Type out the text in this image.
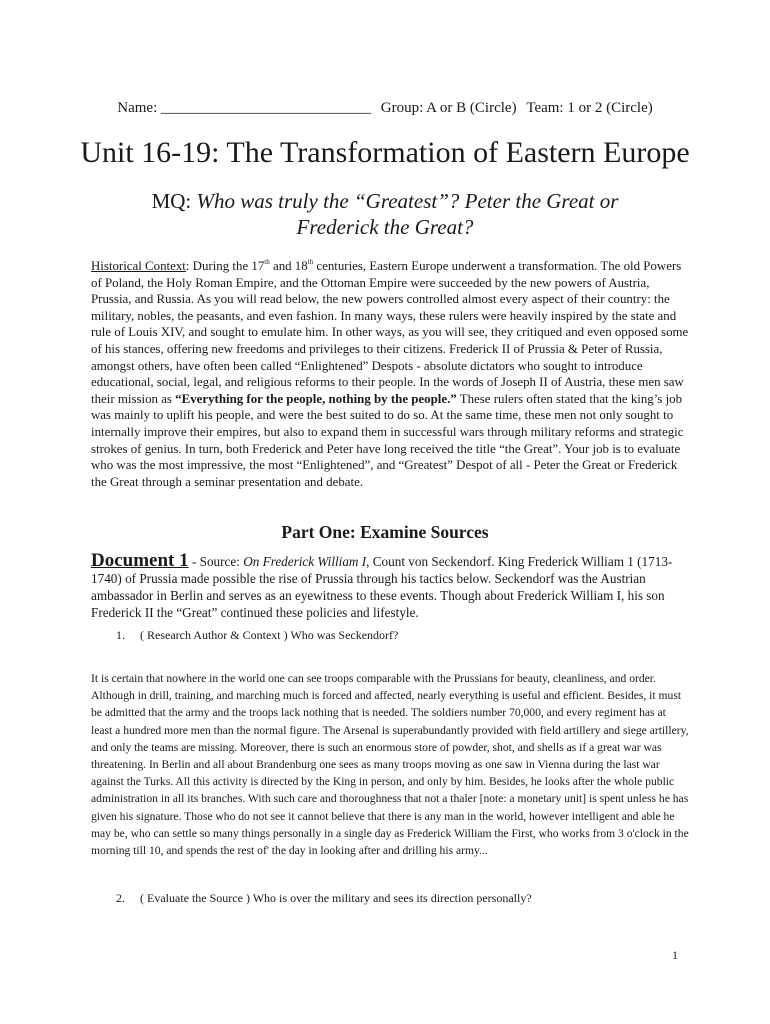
Name: ____________________________ Group: A or B (Circle) Team: 1 or 2 (Circle)
Unit 16-19: The Transformation of Eastern Europe
MQ: Who was truly the “Greatest”? Peter the Great or Frederick the Great?
Historical Context: During the 17th and 18th centuries, Eastern Europe underwent a transformation. The old Powers of Poland, the Holy Roman Empire, and the Ottoman Empire were succeeded by the new powers of Austria, Prussia, and Russia. As you will read below, the new powers controlled almost every aspect of their country: the military, nobles, the peasants, and even fashion. In many ways, these rulers were heavily inspired by the state and rule of Louis XIV, and sought to emulate him. In other ways, as you will see, they critiqued and even opposed some of his stances, offering new freedoms and privileges to their citizens. Frederick II of Prussia & Peter of Russia, amongst others, have often been called “Enlightened” Despots - absolute dictators who sought to introduce educational, social, legal, and religious reforms to their people. In the words of Joseph II of Austria, these men saw their mission as “Everything for the people, nothing by the people.” These rulers often stated that the king’s job was mainly to uplift his people, and were the best suited to do so. At the same time, these men not only sought to internally improve their empires, but also to expand them in successful wars through military reforms and strategic strokes of genius. In turn, both Frederick and Peter have long received the title “the Great”. Your job is to evaluate who was the most impressive, the most “Enlightened”, and “Greatest” Despot of all - Peter the Great or Frederick the Great through a seminar presentation and debate.
Part One: Examine Sources
Document 1 - Source: On Frederick William I, Count von Seckendorf. King Frederick William 1 (1713-1740) of Prussia made possible the rise of Prussia through his tactics below. Seckendorf was the Austrian ambassador in Berlin and serves as an eyewitness to these events. Though about Frederick William I, his son Frederick II the “Great” continued these policies and lifestyle.
1. ( Research Author & Context ) Who was Seckendorf?
It is certain that nowhere in the world one can see troops comparable with the Prussians for beauty, cleanliness, and order. Although in drill, training, and marching much is forced and affected, nearly everything is useful and efficient. Besides, it must be admitted that the army and the troops lack nothing that is needed. The soldiers number 70,000, and every regiment has at least a hundred more men than the normal figure. The Arsenal is superabundantly provided with field artillery and siege artillery, and only the teams are missing. Moreover, there is such an enormous store of powder, shot, and shells as if a great war was threatening. In Berlin and all about Brandenburg one sees as many troops moving as one saw in Vienna during the last war against the Turks. All this activity is directed by the King in person, and only by him. Besides, he looks after the whole public administration in all its branches. With such care and thoroughness that not a thaler [note: a monetary unit] is spent unless he has given his signature. Those who do not see it cannot believe that there is any man in the world, however intelligent and able he may be, who can settle so many things personally in a single day as Frederick William the First, who works from 3 o'clock in the morning till 10, and spends the rest of' the day in looking after and drilling his army...
2. ( Evaluate the Source ) Who is over the military and sees its direction personally?
1
